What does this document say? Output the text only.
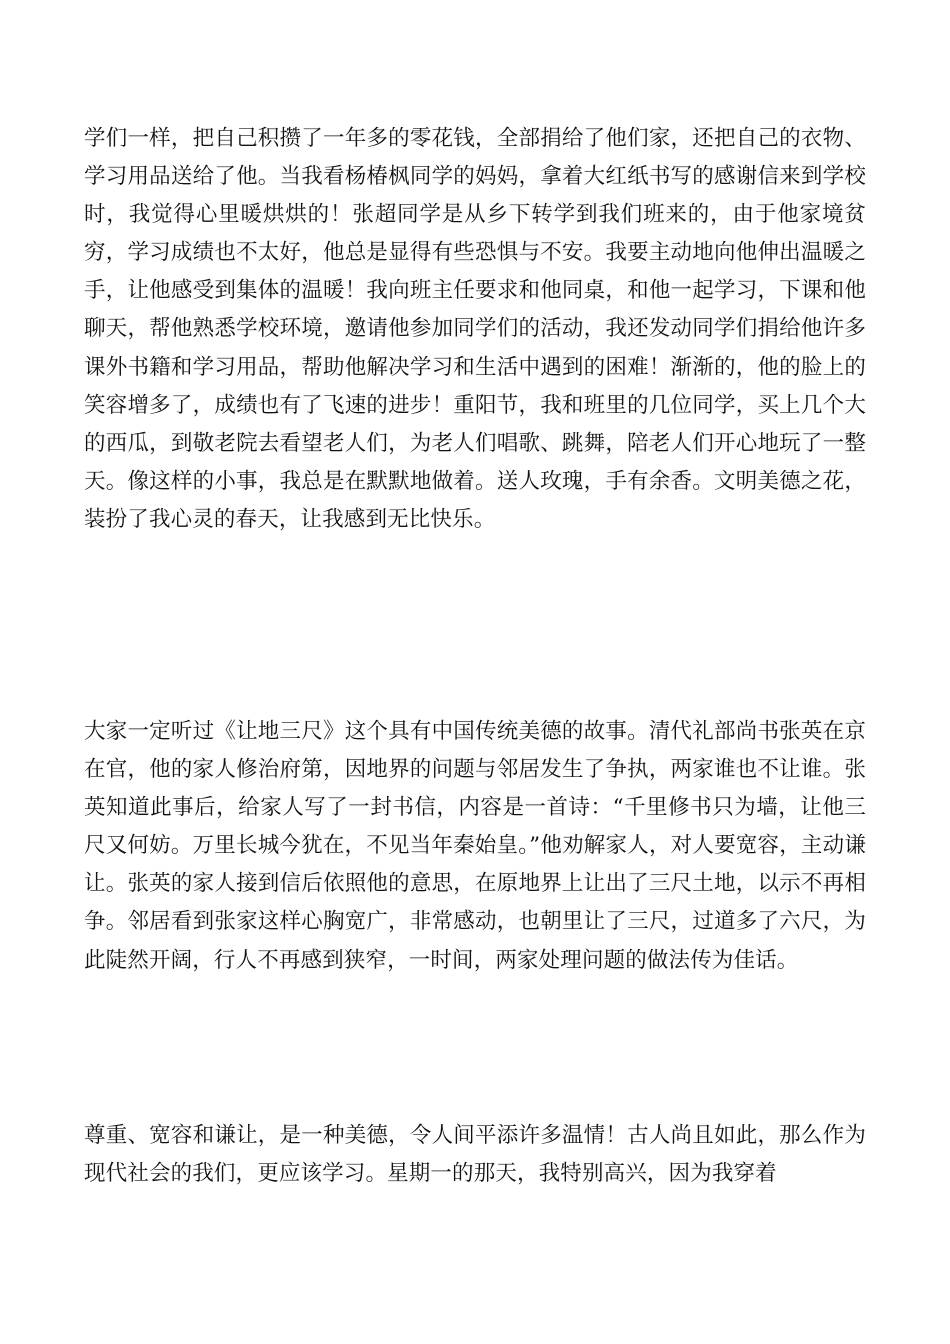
学们一样，把自己积攒了一年多的零花钱，全部捐给了他们家，还把自己的衣物、学习用品送给了他。当我看杨椿枫同学的妈妈，拿着大红纸书写的感谢信来到学校时，我觉得心里暖烘烘的！张超同学是从乡下转学到我们班来的，由于他家境贫穷，学习成绩也不太好，他总是显得有些恐惧与不安。我要主动地向他伸出温暖之手，让他感受到集体的温暖！我向班主任要求和他同桌，和他一起学习，下课和他聊天，帮他熟悉学校环境，邀请他参加同学们的活动，我还发动同学们捐给他许多课外书籍和学习用品，帮助他解决学习和生活中遇到的困难！渐渐的，他的脸上的笑容增多了，成绩也有了飞速的进步！重阳节，我和班里的几位同学，买上几个大的西瓜，到敬老院去看望老人们，为老人们唱歌、跳舞，陪老人们开心地玩了一整天。像这样的小事，我总是在默默地做着。送人玫瑰，手有余香。文明美德之花，装扮了我心灵的春天，让我感到无比快乐。

大家一定听过《让地三尺》这个具有中国传统美德的故事。清代礼部尚书张英在京在官，他的家人修治府第，因地界的问题与邻居发生了争执，两家谁也不让谁。张英知道此事后，给家人写了一封书信，内容是一首诗：“千里修书只为墙，让他三尺又何妨。万里长城今犹在，不见当年秦始皇。”他劝解家人，对人要宽容，主动谦让。张英的家人接到信后依照他的意思，在原地界上让出了三尺土地，以示不再相争。邻居看到张家这样心胸宽广，非常感动，也朝里让了三尺，过道多了六尺，为此陡然开阔，行人不再感到狭窄，一时间，两家处理问题的做法传为佳话。

尊重、宽容和谦让，是一种美德，令人间平添许多温情！古人尚且如此，那么作为现代社会的我们，更应该学习。星期一的那天，我特别高兴，因为我穿着
